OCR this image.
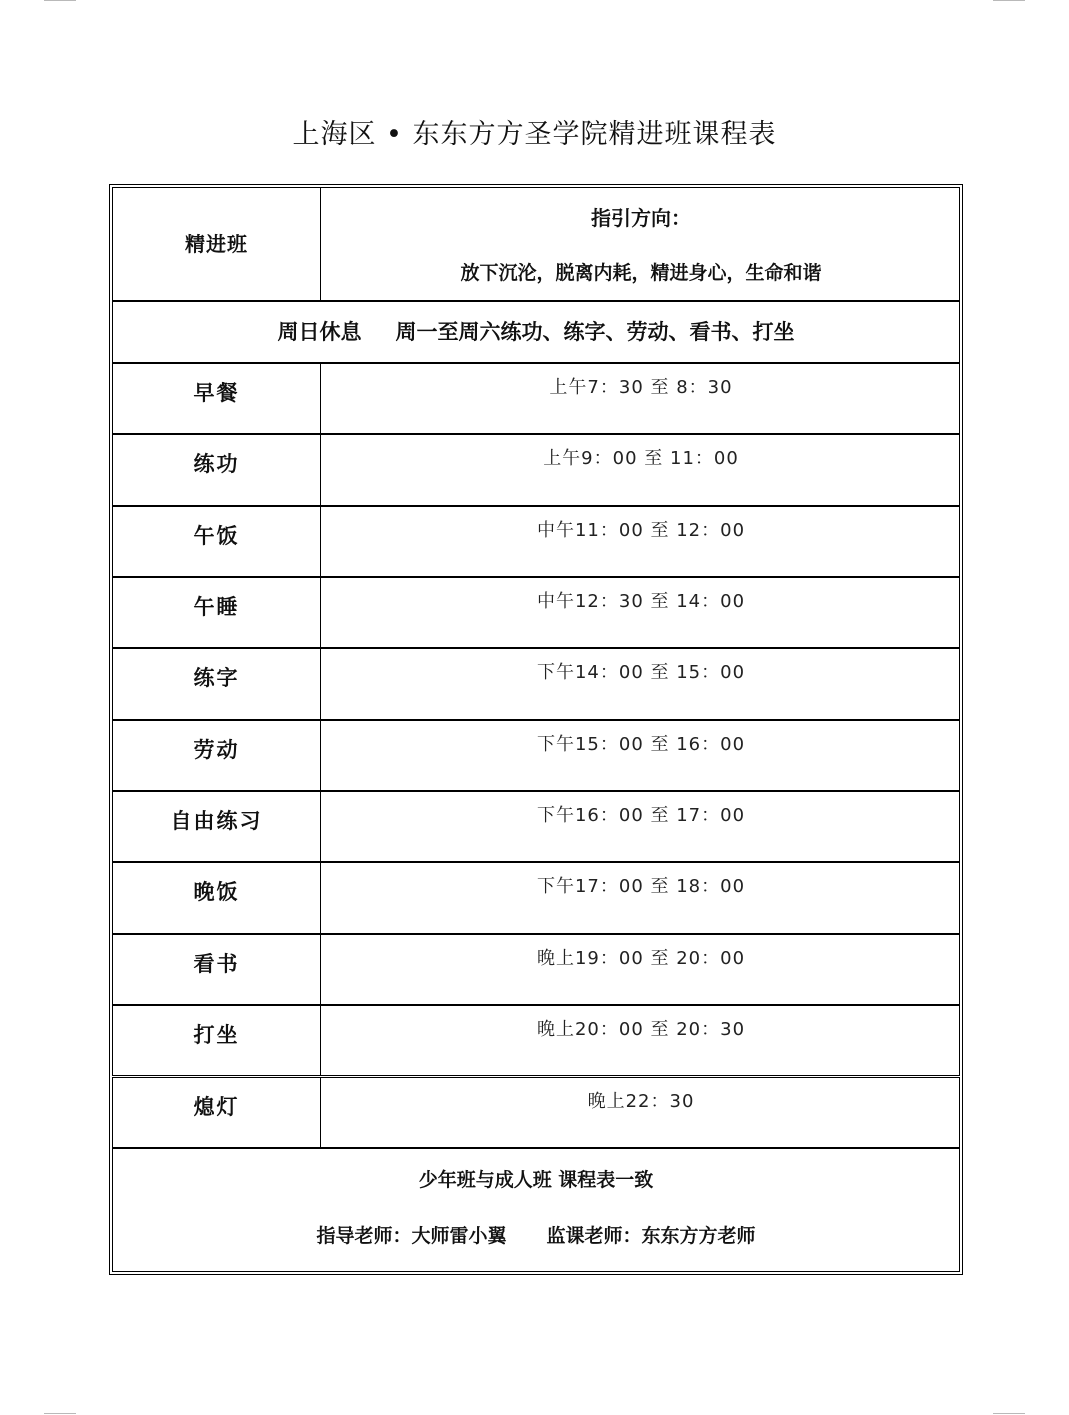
上海区 • 东东方方圣学院精进班课程表
精进班
指引方向：
放下沉沦，脱离内耗，精进身心，生命和谐
周日休息 周一至周六练功、练字、劳动、看书、打坐
早餐	上午7：30 至 8：30
练功	上午9：00 至 11：00
午饭	中午11：00 至 12：00
午睡	中午12：30 至 14：00
练字	下午14：00 至 15：00
劳动	下午15：00 至 16：00
自由练习	下午16：00 至 17：00
晚饭	下午17：00 至 18：00
看书	晚上19：00 至 20：00
打坐	晚上20：00 至 20：30
熄灯	晚上22：30
少年班与成人班 课程表一致
指导老师：大师雷小翼 监课老师：东东方方老师
